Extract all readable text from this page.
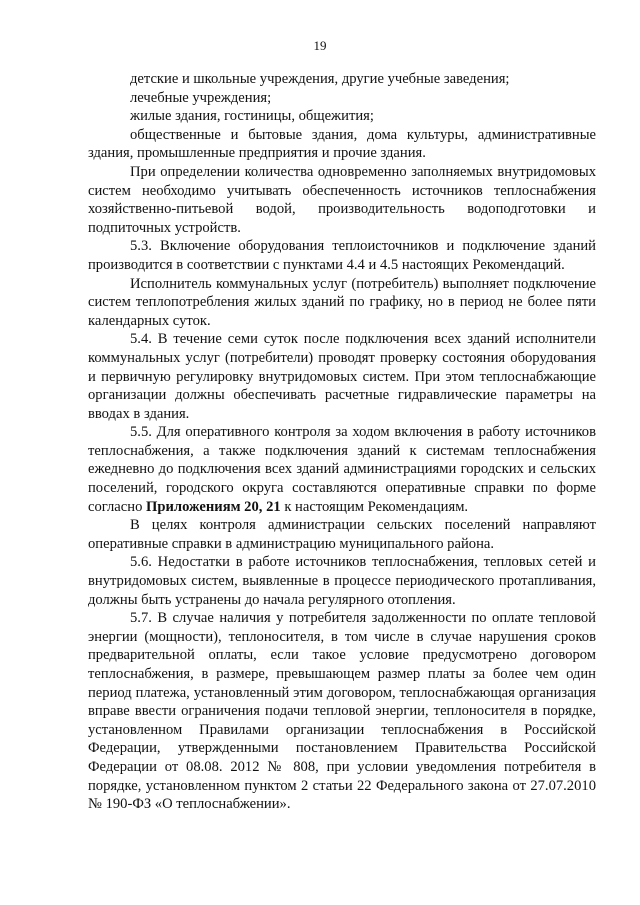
19

детские и школьные учреждения, другие учебные заведения;

лечебные учреждения;

жилые здания, гостиницы, общежития;

общественные и бытовые здания, дома культуры, административные здания, промышленные предприятия и прочие здания.

При определении количества одновременно заполняемых внутридомовых систем необходимо учитывать обеспеченность источников теплоснабжения хозяйственно-питьевой водой, производительность водоподготовки и подпиточных устройств.

5.3. Включение оборудования теплоисточников и подключение зданий производится в соответствии с пунктами 4.4 и 4.5 настоящих Рекомендаций.

Исполнитель коммунальных услуг (потребитель) выполняет подключение систем теплопотребления жилых зданий по графику, но в период не более пяти календарных суток.

5.4. В течение семи суток после подключения всех зданий исполнители коммунальных услуг (потребители) проводят проверку состояния оборудования и первичную регулировку внутридомовых систем. При этом теплоснабжающие организации должны обеспечивать расчетные гидравлические параметры на вводах в здания.

5.5. Для оперативного контроля за ходом включения в работу источников теплоснабжения, а также подключения зданий к системам теплоснабжения ежедневно до подключения всех зданий администрациями городских и сельских поселений, городского округа составляются оперативные справки по форме согласно Приложениям 20, 21 к настоящим Рекомендациям.

В целях контроля администрации сельских поселений направляют оперативные справки в администрацию муниципального района.

5.6. Недостатки в работе источников теплоснабжения, тепловых сетей и внутридомовых систем, выявленные в процессе периодического протапливания, должны быть устранены до начала регулярного отопления.

5.7. В случае наличия у потребителя задолженности по оплате тепловой энергии (мощности), теплоносителя, в том числе в случае нарушения сроков предварительной оплаты, если такое условие предусмотрено договором теплоснабжения, в размере, превышающем размер платы за более чем один период платежа, установленный этим договором, теплоснабжающая организация вправе ввести ограничения подачи тепловой энергии, теплоносителя в порядке, установленном Правилами организации теплоснабжения в Российской Федерации, утвержденными постановлением Правительства Российской Федерации от 08.08. 2012 № 808, при условии уведомления потребителя в порядке, установленном пунктом 2 статьи 22 Федерального закона от 27.07.2010 № 190-ФЗ «О теплоснабжении».
